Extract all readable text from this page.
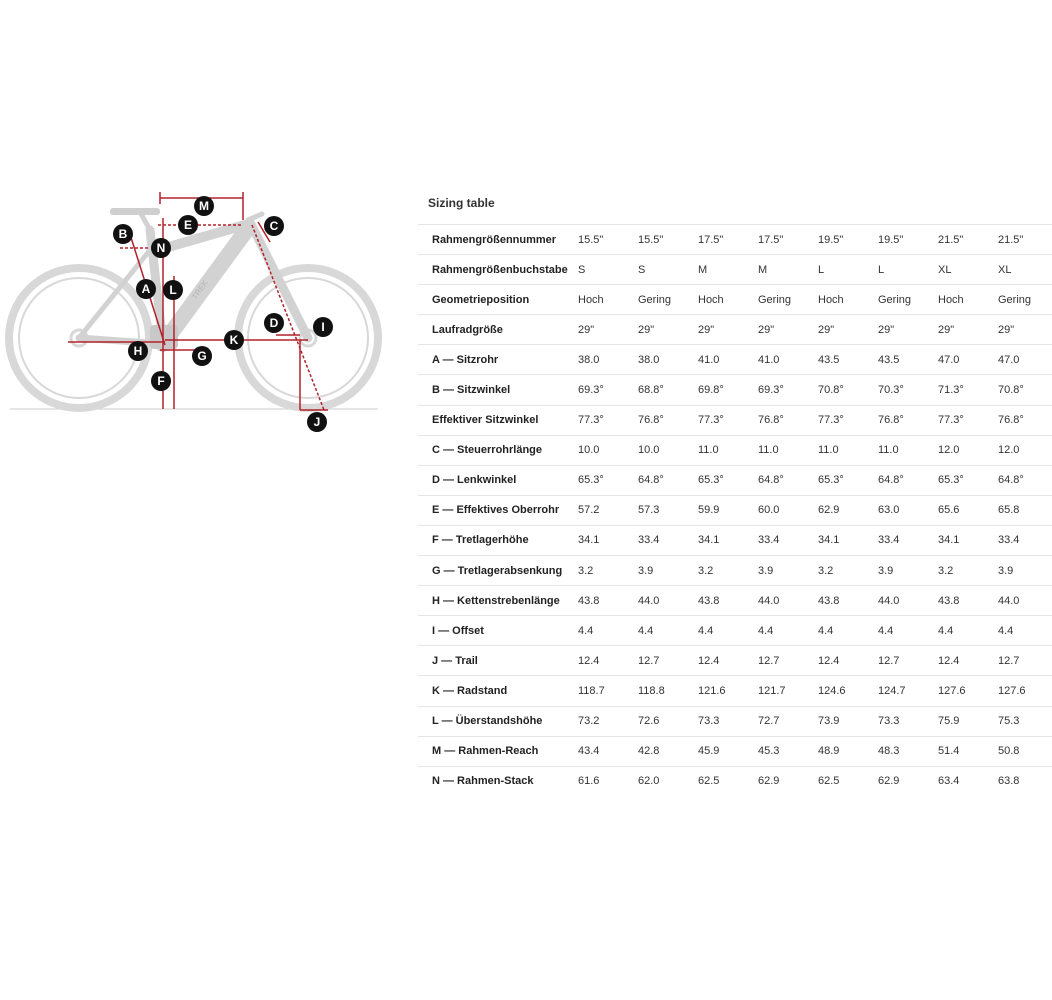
TREK
M
E	C
B
N
A L
D	I
K
H	G
F
J
Sizing table
Rahmengrößennummer	15.5"	15.5"	17.5"	17.5"	19.5"	19.5"	21.5"	21.5"
Rahmengrößenbuchstabe	S	S	M	M	L	L	XL	XL
Geometrieposition	Hoch	Gering	Hoch	Gering	Hoch	Gering	Hoch	Gering
Laufradgröße	29"	29"	29"	29"	29"	29"	29"	29"
A — Sitzrohr	38.0	38.0	41.0	41.0	43.5	43.5	47.0	47.0
B — Sitzwinkel	69.3°	68.8°	69.8°	69.3°	70.8°	70.3°	71.3°	70.8°
Effektiver Sitzwinkel	77.3°	76.8°	77.3°	76.8°	77.3°	76.8°	77.3°	76.8°
C — Steuerrohrlänge	10.0	10.0	11.0	11.0	11.0	11.0	12.0	12.0
D — Lenkwinkel	65.3°	64.8°	65.3°	64.8°	65.3°	64.8°	65.3°	64.8°
E — Effektives Oberrohr	57.2	57.3	59.9	60.0	62.9	63.0	65.6	65.8
F — Tretlagerhöhe	34.1	33.4	34.1	33.4	34.1	33.4	34.1	33.4
G — Tretlagerabsenkung	3.2	3.9	3.2	3.9	3.2	3.9	3.2	3.9
H — Kettenstrebenlänge	43.8	44.0	43.8	44.0	43.8	44.0	43.8	44.0
I — Offset	4.4	4.4	4.4	4.4	4.4	4.4	4.4	4.4
J — Trail	12.4	12.7	12.4	12.7	12.4	12.7	12.4	12.7
K — Radstand	118.7	118.8	121.6	121.7	124.6	124.7	127.6	127.6
L — Überstandshöhe	73.2	72.6	73.3	72.7	73.9	73.3	75.9	75.3
M — Rahmen-Reach	43.4	42.8	45.9	45.3	48.9	48.3	51.4	50.8
N — Rahmen-Stack	61.6	62.0	62.5	62.9	62.5	62.9	63.4	63.8
